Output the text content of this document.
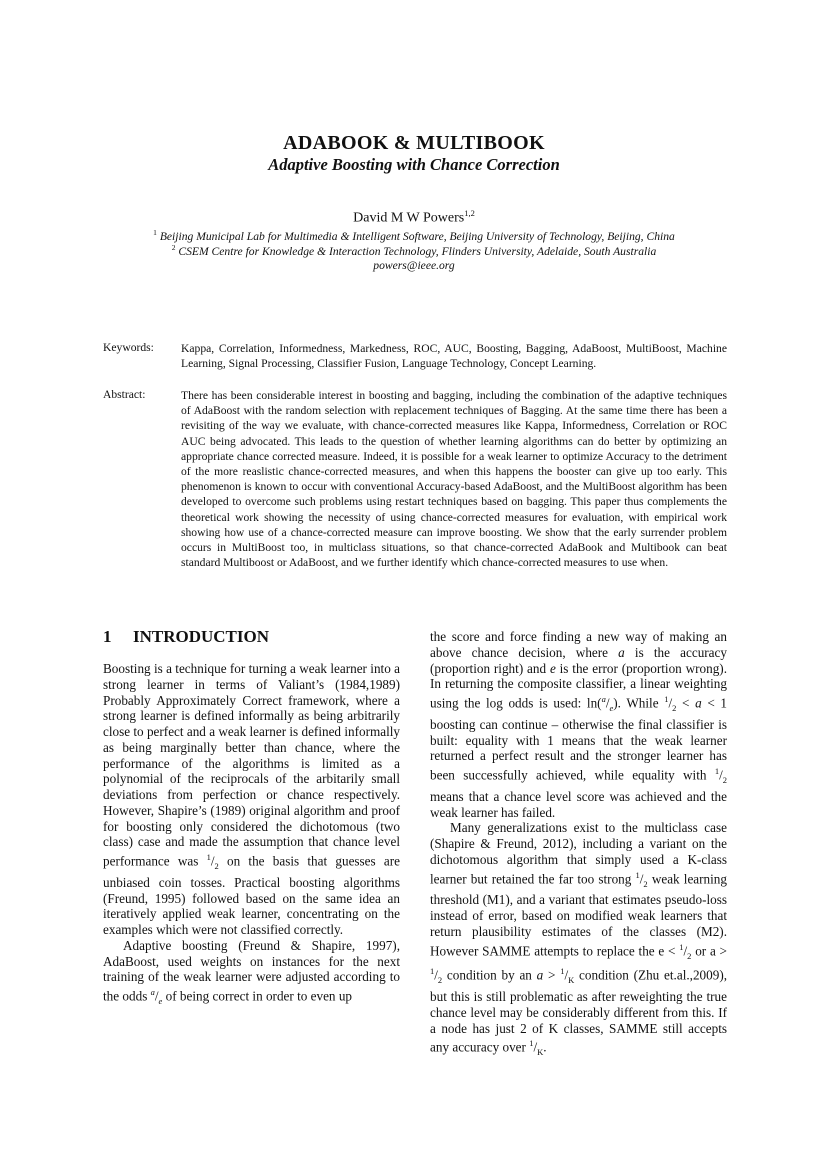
ADABOOK & MULTIBOOK
Adaptive Boosting with Chance Correction
David M W Powers$^{1,2}$
$^1$ Beijing Municipal Lab for Multimedia & Intelligent Software, Beijing University of Technology, Beijing, China
$^2$ CSEM Centre for Knowledge & Interaction Technology, Flinders University, Adelaide, South Australia
powers@ieee.org
Keywords: Kappa, Correlation, Informedness, Markedness, ROC, AUC, Boosting, Bagging, AdaBoost, MultiBoost, Machine Learning, Signal Processing, Classifier Fusion, Language Technology, Concept Learning.
Abstract:	There has been considerable interest in boosting and bagging, including the combination of the adaptive techniques of AdaBoost with the random selection with replacement techniques of Bagging. At the same time there has been a revisiting of the way we evaluate, with chance-corrected measures like Kappa, Informedness, Correlation or ROC AUC being advocated. This leads to the question of whether learning algorithms can do better by optimizing an appropriate chance corrected measure. Indeed, it is possible for a weak learner to optimize Accuracy to the detriment of the more reaslistic chance-corrected measures, and when this happens the booster can give up too early. This phenomenon is known to occur with conventional Accuracy-based AdaBoost, and the MultiBoost algorithm has been developed to overcome such problems using restart techniques based on bagging. This paper thus complements the theoretical work showing the necessity of using chance-corrected measures for evaluation, with empirical work showing how use of a chance-corrected measure can improve boosting. We show that the early surrender problem occurs in MultiBoost too, in multiclass situations, so that chance-corrected AdaBook and Multibook can beat standard Multiboost or AdaBoost, and we further identify which chance-corrected measures to use when.
1 INTRODUCTION

Boosting is a technique for turning a weak learner into a strong learner in terms of Valiant’s (1984,1989) Probably Approximately Correct framework, where a strong learner is defined informally as being arbitrarily close to perfect and a weak learner is defined informally as being marginally better than chance, where the performance of the algorithms is limited as a polynomial of the reciprocals of the arbitarily small deviations from perfection or chance respectively. However, Shapire’s (1989) original algorithm and proof for boosting only considered the dichotomous (two class) case and made the assumption that chance level performance was $^1/_2$ on the basis that guesses are unbiased coin tosses. Practical boosting algorithms (Freund, 1995) followed based on the same idea an iteratively applied weak learner, concentrating on the examples which were not classified correctly.

Adaptive boosting (Freund & Shapire, 1997), AdaBoost, used weights on instances for the next training of the weak learner were adjusted according to the odds $^a/_e$ of being correct in order to even up

the score and force finding a new way of making an above chance decision, where a is the accuracy (proportion right) and e is the error (proportion wrong). In returning the composite classifier, a linear weighting using the log odds is used: $\ln(^a/_e)$. While $^1/_2 < a < 1$ boosting can continue – otherwise the final classifier is built: equality with 1 means that the weak learner returned a perfect result and the stronger learner has been successfully achieved, while equality with $^1/_2$ means that a chance level score was achieved and the weak learner has failed.

Many generalizations exist to the multiclass case (Shapire & Freund, 2012), including a variant on the dichotomous algorithm that simply used a K-class learner but retained the far too strong $^1/_2$ weak learning threshold (M1), and a variant that estimates pseudo-loss instead of error, based on modified weak learners that return plausibility estimates of the classes (M2). However SAMME attempts to replace the $e < ^1/_2$ or $a > ^1/_2$ condition by an $a > ^1/_K$ condition (Zhu et.al.,2009), but this is still problematic as after reweighting the true chance level may be considerably different from this. If a node has just 2 of K classes, SAMME still accepts any accuracy over $^1/_K$.
